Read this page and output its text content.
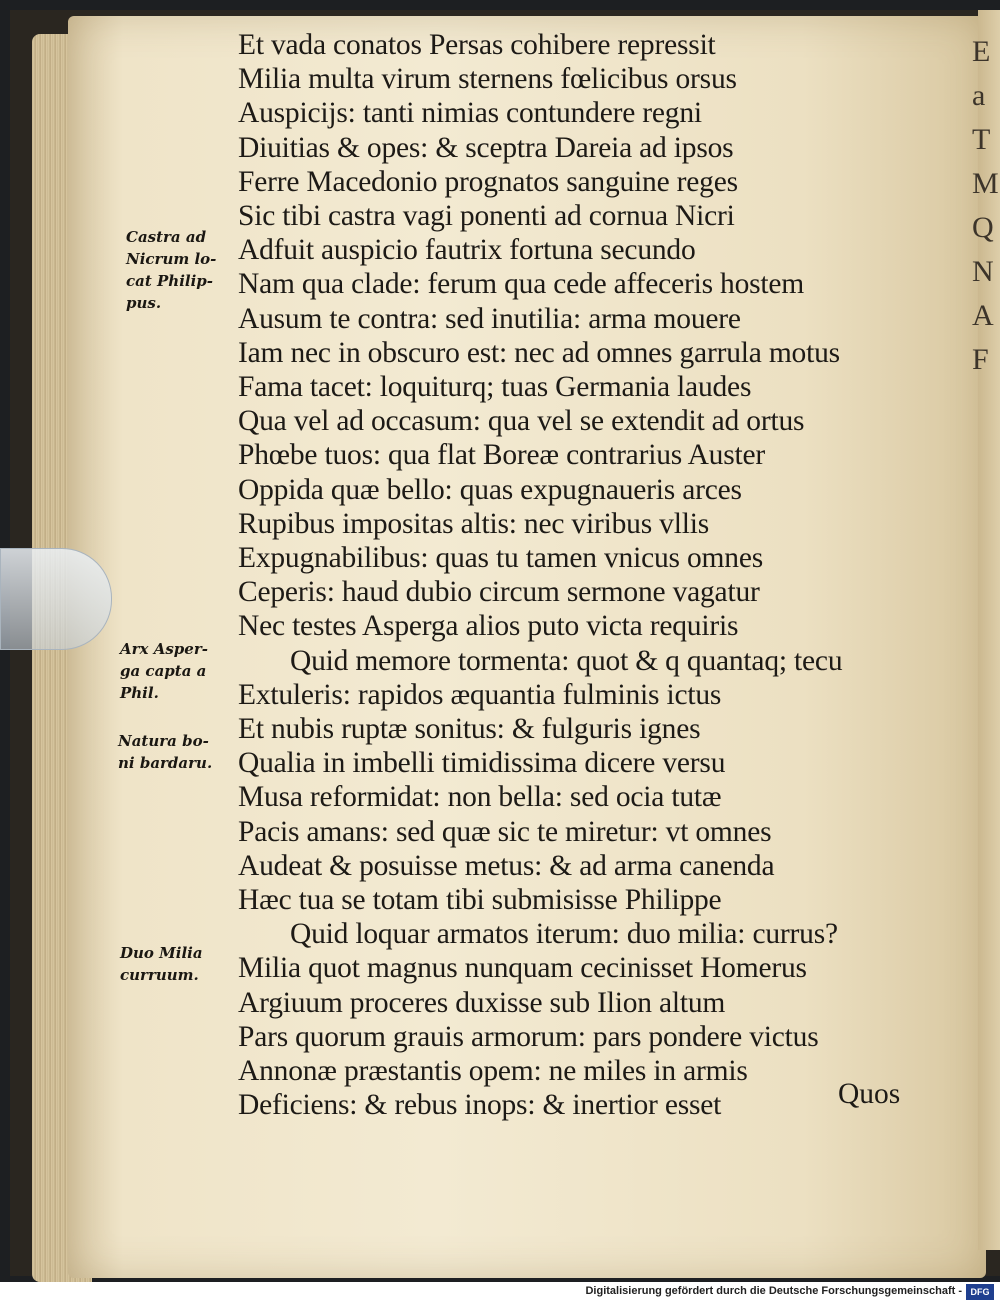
E
a
T
M
Q
N
A
F
Et vada conatos Persas cohibere repressit
Milia multa virum sternens fœlicibus orsus
Auspicijs: tanti nimias contundere regni
Diuitias & opes: & sceptra Dareia ad ipsos
Ferre Macedonio prognatos sanguine reges
Sic tibi castra vagi ponenti ad cornua Nicri
Adfuit auspicio fautrix fortuna secundo
Nam qua clade: ferum qua cede affeceris hostem
Ausum te contra: sed inutilia: arma mouere
Iam nec in obscuro est: nec ad omnes garrula motus
Fama tacet: loquiturq; tuas Germania laudes
Qua vel ad occasum: qua vel se extendit ad ortus
Phœbe tuos: qua flat Boreæ contrarius Auster
Oppida quæ bello: quas expugnaueris arces
Rupibus impositas altis: nec viribus vllis
Expugnabilibus: quas tu tamen vnicus omnes
Ceperis: haud dubio circum sermone vagatur
Nec testes Asperga alios puto victa requiris
Quid memore tormenta: quot & q quantaq; tecu
Extuleris: rapidos æquantia fulminis ictus
Et nubis ruptæ sonitus: & fulguris ignes
Qualia in imbelli timidissima dicere versu
Musa reformidat: non bella: sed ocia tutæ
Pacis amans: sed quæ sic te miretur: vt omnes
Audeat & posuisse metus: & ad arma canenda
Hæc tua se totam tibi submisisse Philippe
Quid loquar armatos iterum: duo milia: currus?
Milia quot magnus nunquam cecinisset Homerus
Argiuum proceres duxisse sub Ilion altum
Pars quorum grauis armorum: pars pondere victus
Annonæ præstantis opem: ne miles in armis
Deficiens: & rebus inops: & inertior esset	Quos
Castra ad
Nicrum lo-
cat Philip-
pus.
Arx Asper-
ga capta a
Phil.
Natura bo-
ni bardaru.
Duo Milia
curruum.
Digitalisierung gefördert durch die Deutsche Forschungsgemeinschaft - DFG
